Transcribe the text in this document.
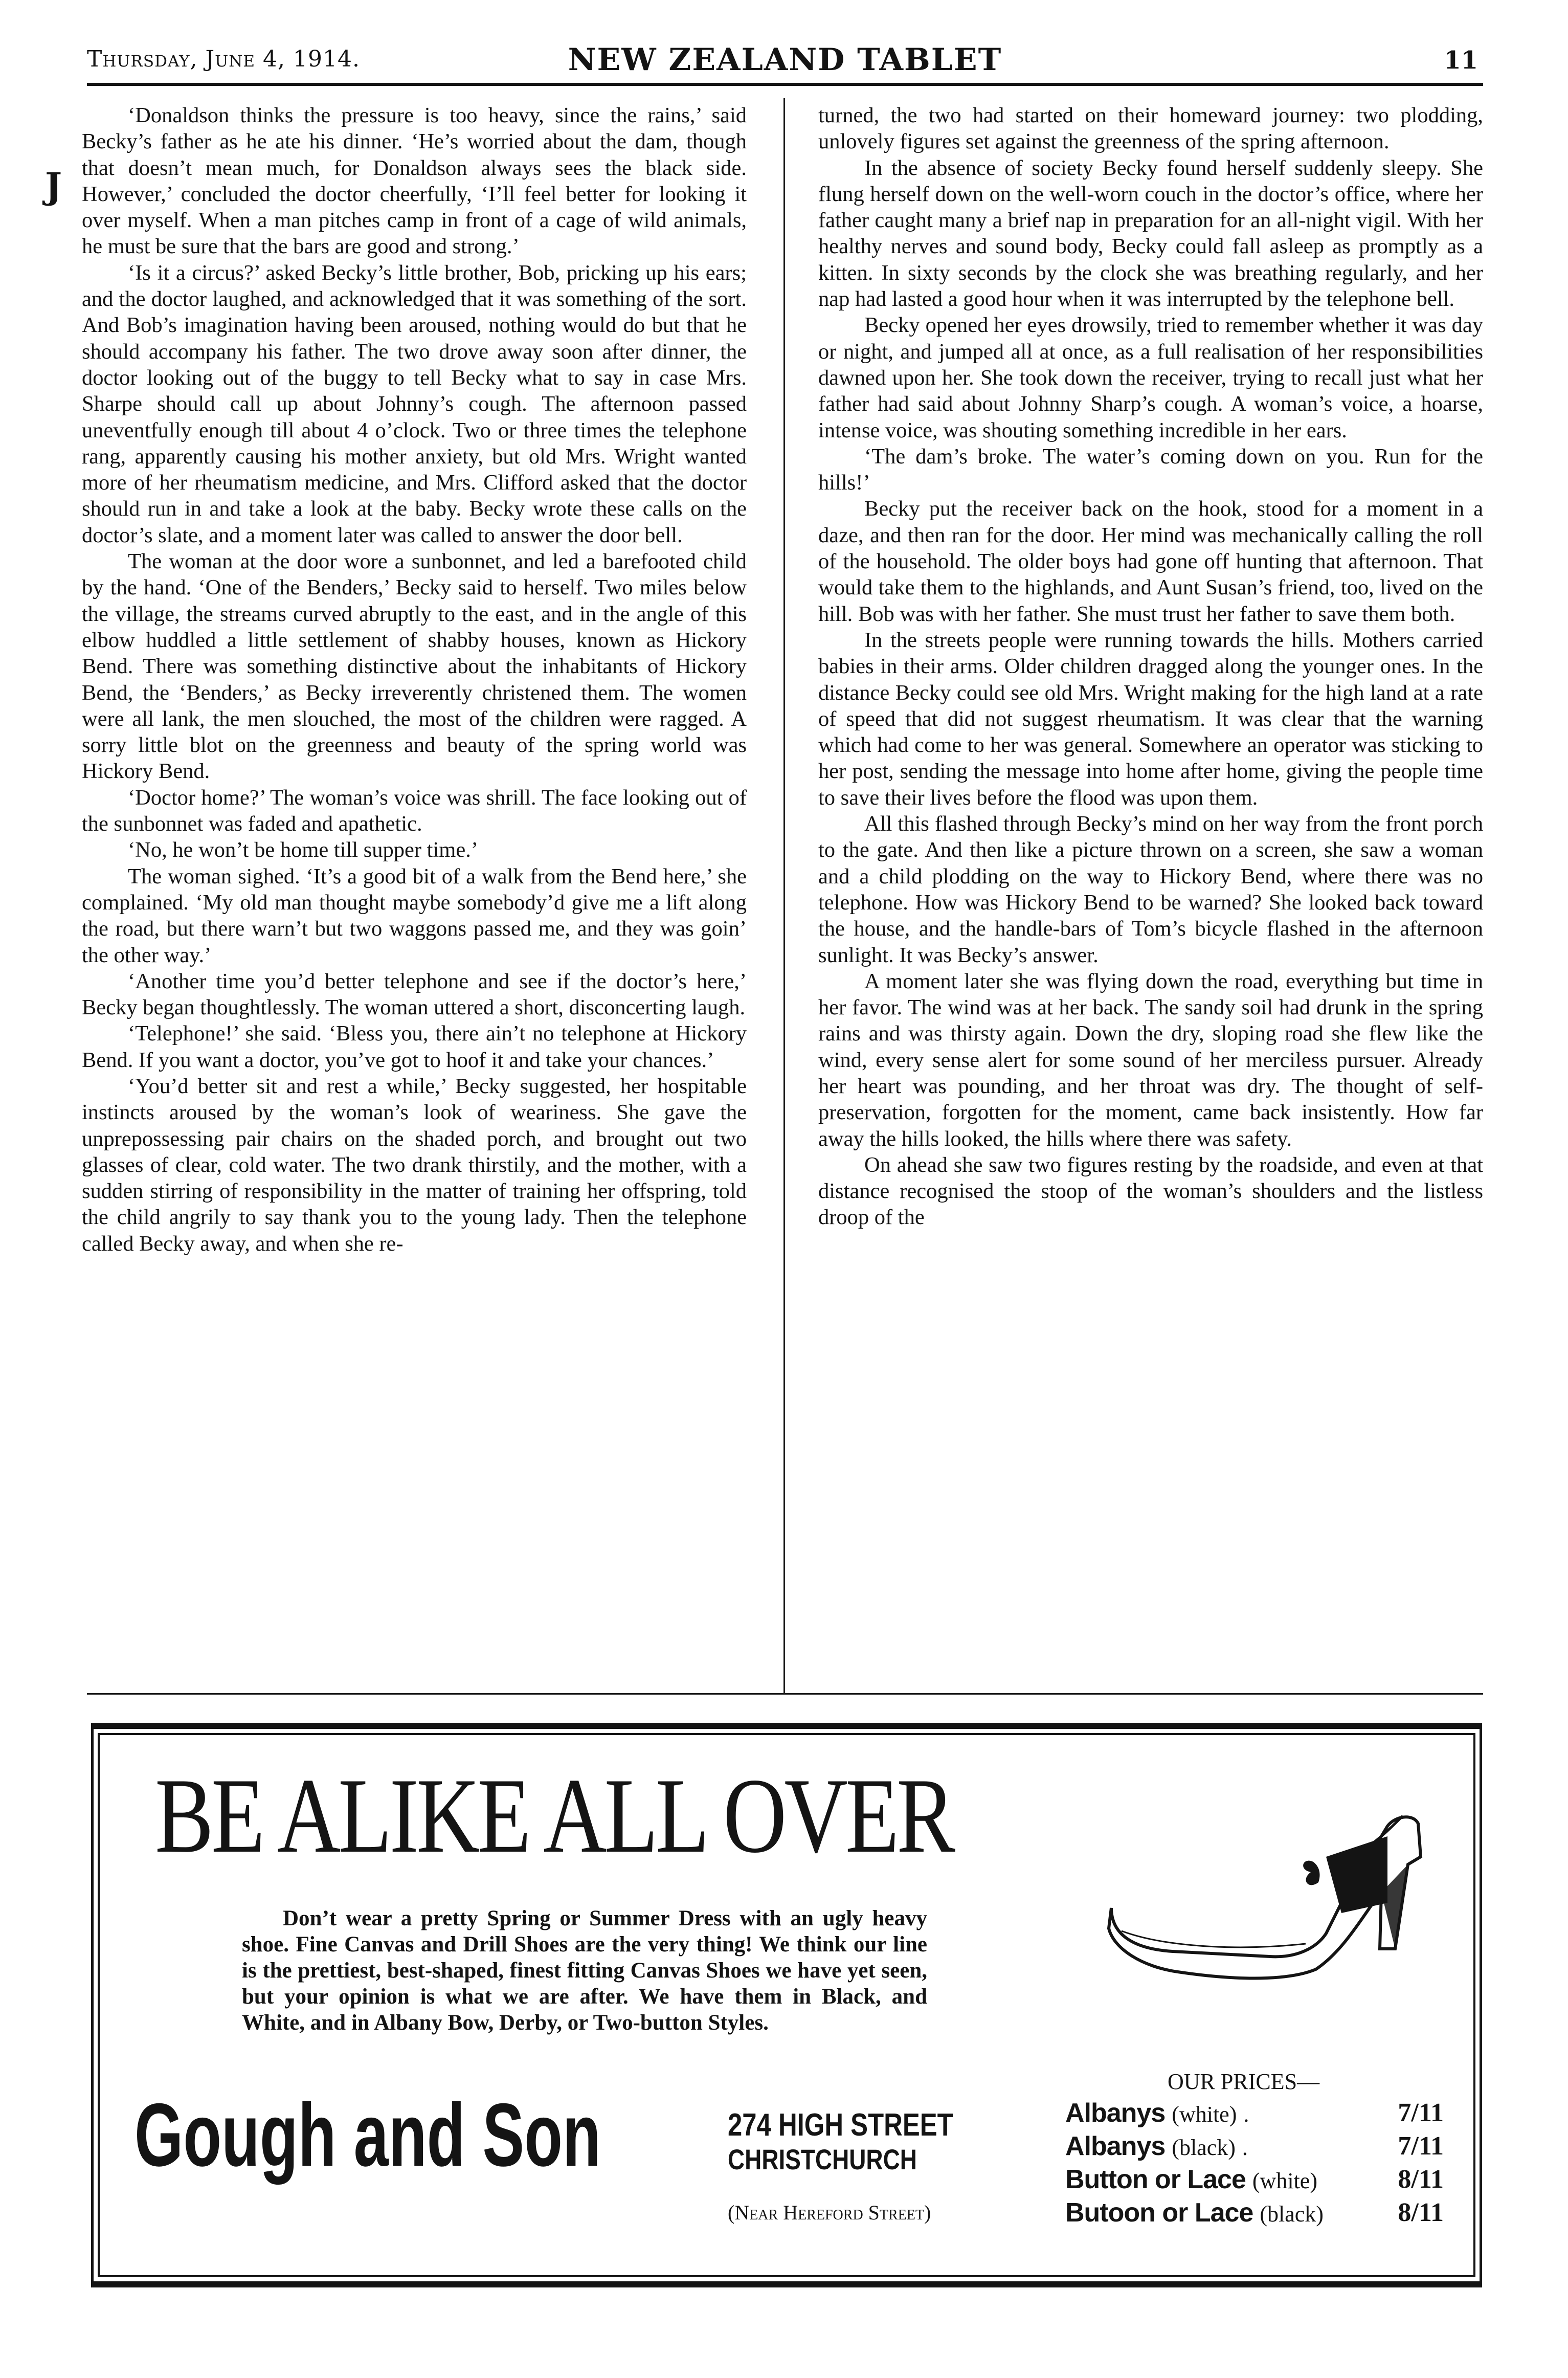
Thursday, June 4, 1914.	NEW ZEALAND TABLET	11
J

‘Donaldson thinks the pressure is too heavy, since the rains,’ said Becky’s father as he ate his dinner. ‘He’s worried about the dam, though that doesn’t mean much, for Donaldson always sees the black side. However,’ concluded the doctor cheerfully, ‘I’ll feel better for looking it over myself. When a man pitches camp in front of a cage of wild animals, he must be sure that the bars are good and strong.’

‘Is it a circus?’ asked Becky’s little brother, Bob, pricking up his ears; and the doctor laughed, and acknowledged that it was something of the sort. And Bob’s imagination having been aroused, nothing would do but that he should accompany his father. The two drove away soon after dinner, the doctor looking out of the buggy to tell Becky what to say in case Mrs. Sharpe should call up about Johnny’s cough. The afternoon passed uneventfully enough till about 4 o’clock. Two or three times the telephone rang, apparently causing his mother anxiety, but old Mrs. Wright wanted more of her rheumatism medicine, and Mrs. Clifford asked that the doctor should run in and take a look at the baby. Becky wrote these calls on the doctor’s slate, and a moment later was called to answer the door bell.

The woman at the door wore a sunbonnet, and led a barefooted child by the hand. ‘One of the Benders,’ Becky said to herself. Two miles below the village, the streams curved abruptly to the east, and in the angle of this elbow huddled a little settlement of shabby houses, known as Hickory Bend. There was something distinctive about the inhabitants of Hickory Bend, the ‘Benders,’ as Becky irreverently christened them. The women were all lank, the men slouched, the most of the children were ragged. A sorry little blot on the greenness and beauty of the spring world was Hickory Bend.

‘Doctor home?’ The woman’s voice was shrill. The face looking out of the sunbonnet was faded and apathetic.

‘No, he won’t be home till supper time.’

The woman sighed. ‘It’s a good bit of a walk from the Bend here,’ she complained. ‘My old man thought maybe somebody’d give me a lift along the road, but there warn’t but two waggons passed me, and they was goin’ the other way.’

‘Another time you’d better telephone and see if the doctor’s here,’ Becky began thoughtlessly. The woman uttered a short, disconcerting laugh.

‘Telephone!’ she said. ‘Bless you, there ain’t no telephone at Hickory Bend. If you want a doctor, you’ve got to hoof it and take your chances.’

‘You’d better sit and rest a while,’ Becky suggested, her hospitable instincts aroused by the woman’s look of weariness. She gave the unprepossessing pair chairs on the shaded porch, and brought out two glasses of clear, cold water. The two drank thirstily, and the mother, with a sudden stirring of responsibility in the matter of training her offspring, told the child angrily to say thank you to the young lady. Then the telephone called Becky away, and when she re-

turned, the two had started on their homeward journey: two plodding, unlovely figures set against the greenness of the spring afternoon.

In the absence of society Becky found herself suddenly sleepy. She flung herself down on the well-worn couch in the doctor’s office, where her father caught many a brief nap in preparation for an all-night vigil. With her healthy nerves and sound body, Becky could fall asleep as promptly as a kitten. In sixty seconds by the clock she was breathing regularly, and her nap had lasted a good hour when it was interrupted by the telephone bell.

Becky opened her eyes drowsily, tried to remember whether it was day or night, and jumped all at once, as a full realisation of her responsibilities dawned upon her. She took down the receiver, trying to recall just what her father had said about Johnny Sharp’s cough. A woman’s voice, a hoarse, intense voice, was shouting something incredible in her ears.

‘The dam’s broke. The water’s coming down on you. Run for the hills!’

Becky put the receiver back on the hook, stood for a moment in a daze, and then ran for the door. Her mind was mechanically calling the roll of the household. The older boys had gone off hunting that afternoon. That would take them to the highlands, and Aunt Susan’s friend, too, lived on the hill. Bob was with her father. She must trust her father to save them both.

In the streets people were running towards the hills. Mothers carried babies in their arms. Older children dragged along the younger ones. In the distance Becky could see old Mrs. Wright making for the high land at a rate of speed that did not suggest rheumatism. It was clear that the warning which had come to her was general. Somewhere an operator was sticking to her post, sending the message into home after home, giving the people time to save their lives before the flood was upon them.

All this flashed through Becky’s mind on her way from the front porch to the gate. And then like a picture thrown on a screen, she saw a woman and a child plodding on the way to Hickory Bend, where there was no telephone. How was Hickory Bend to be warned? She looked back toward the house, and the handle-bars of Tom’s bicycle flashed in the afternoon sunlight. It was Becky’s answer.

A moment later she was flying down the road, everything but time in her favor. The wind was at her back. The sandy soil had drunk in the spring rains and was thirsty again. Down the dry, sloping road she flew like the wind, every sense alert for some sound of her merciless pursuer. Already her heart was pounding, and her throat was dry. The thought of self-preservation, forgotten for the moment, came back insistently. How far away the hills looked, the hills where there was safety.

On ahead she saw two figures resting by the roadside, and even at that distance recognised the stoop of the woman’s shoulders and the listless droop of the

BE ALIKE ALL OVER
Don’t wear a pretty Spring or Summer Dress with an ugly heavy shoe. Fine Canvas and Drill Shoes are the very thing! We think our line is the prettiest, best-shaped, finest fitting Canvas Shoes we have yet seen, but your opinion is what we are after. We have them in Black, and White, and in Albany Bow, Derby, or Two-button Styles.
Gough and Son	274 HIGH STREET
CHRISTCHURCH
(Near Hereford Street)
OUR PRICES—
Albanys (white) .	7/11
Albanys (black) .	7/11
Button or Lace (white)	8/11
Butoon or Lace (black)	8/11
